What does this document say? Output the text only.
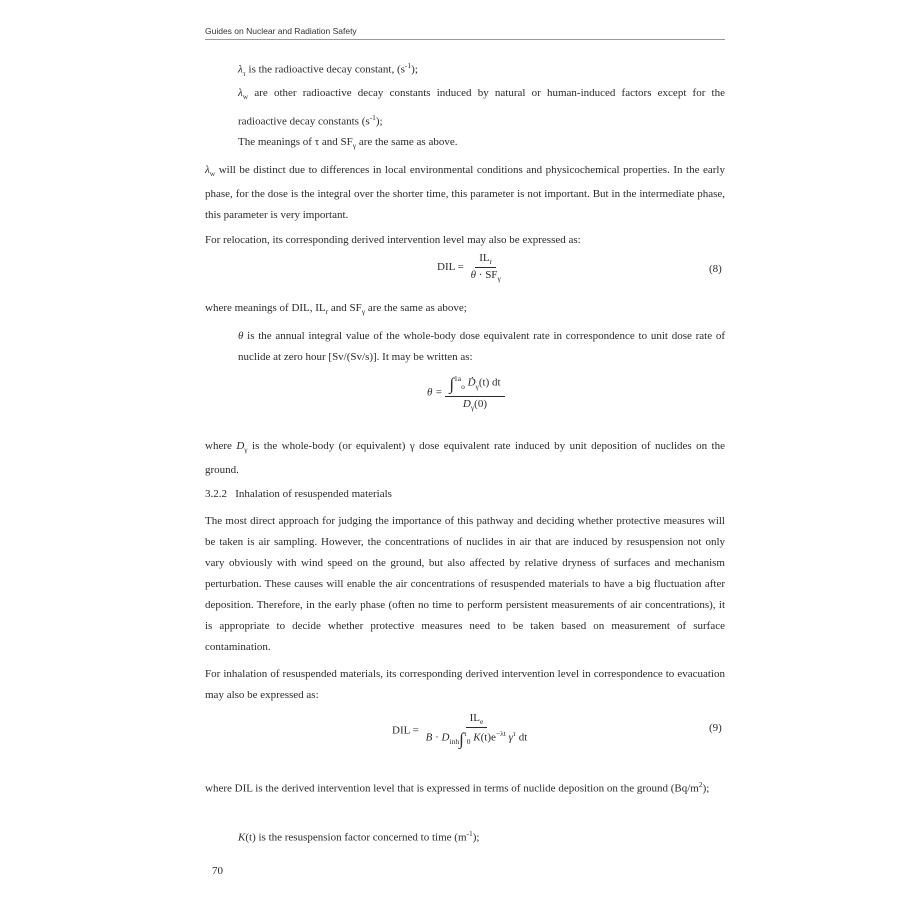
Guides on Nuclear and Radiation Safety

$\lambda_\tau$ is the radioactive decay constant, $(s^{-1})$;

$\lambda_w$ are other radioactive decay constants induced by natural or human-induced factors except for the radioactive decay constants $(s^{-1})$;

The meanings of τ and $SF_\gamma$ are the same as above.

$\lambda_w$ will be distinct due to differences in local environmental conditions and physicochemical properties. In the early phase, for the dose is the integral over the shorter time, this parameter is not important. But in the intermediate phase, this parameter is very important.

For relocation, its corresponding derived intervention level may also be expressed as:

DIL = $\frac{IL_r}{\theta \cdot SF_\gamma}$	(8)

where meanings of DIL, $IL_r$ and $SF_\gamma$ are the same as above;

θ is the annual integral value of the whole-body dose equivalent rate in correspondence to unit dose rate of nuclide at zero hour [Sv/(Sv/s)]. It may be written as:

$\theta = \frac{\int^{1a}_o Ḋ_\gamma(t) dt}{D_\gamma(0)}$

where $D_\gamma$ is the whole-body (or equivalent) γ dose equivalent rate induced by unit deposition of nuclides on the ground.

3.2.2 Inhalation of resuspended materials

The most direct approach for judging the importance of this pathway and deciding whether protective measures will be taken is air sampling. However, the concentrations of nuclides in air that are induced by resuspension not only vary obviously with wind speed on the ground, but also affected by relative dryness of surfaces and mechanism perturbation. These causes will enable the air concentrations of resuspended materials to have a big fluctuation after deposition. Therefore, in the early phase (often no time to perform persistent measurements of air concentrations), it is appropriate to decide whether protective measures need to be taken based on measurement of surface contamination.

For inhalation of resuspended materials, its corresponding derived intervention level in correspondence to evacuation may also be expressed as:

DIL = $\frac{IL_e}{B \cdot D_{inh}\int^\tau_0 K(t)e^{-\lambda t} \gamma^\tau dt}$	(9)

where DIL is the derived intervention level that is expressed in terms of nuclide deposition on the ground $(Bq/m^2)$;

K(t) is the resuspension factor concerned to time $(m^{-1})$;

70
